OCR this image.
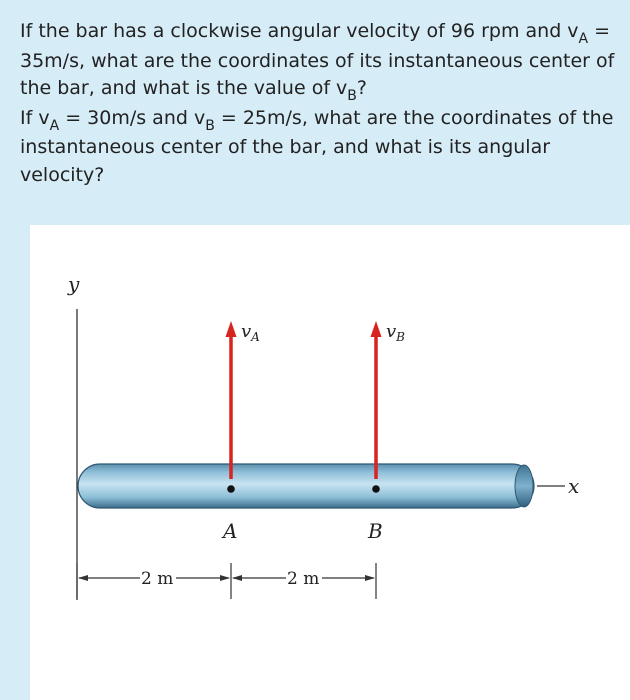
If the bar has a clockwise angular velocity of 96 rpm and $v_A = 35m/s$, what are the coordinates of its instantaneous center of the bar, and what is the value of $v_B$?

If $v_A = 30m/s$ and $v_B = 25m/s$, what are the coordinates of the instantaneous center of the bar, and what is its angular velocity?

y
x
$v_A$	$v_B$
A	B
2 m	2 m
